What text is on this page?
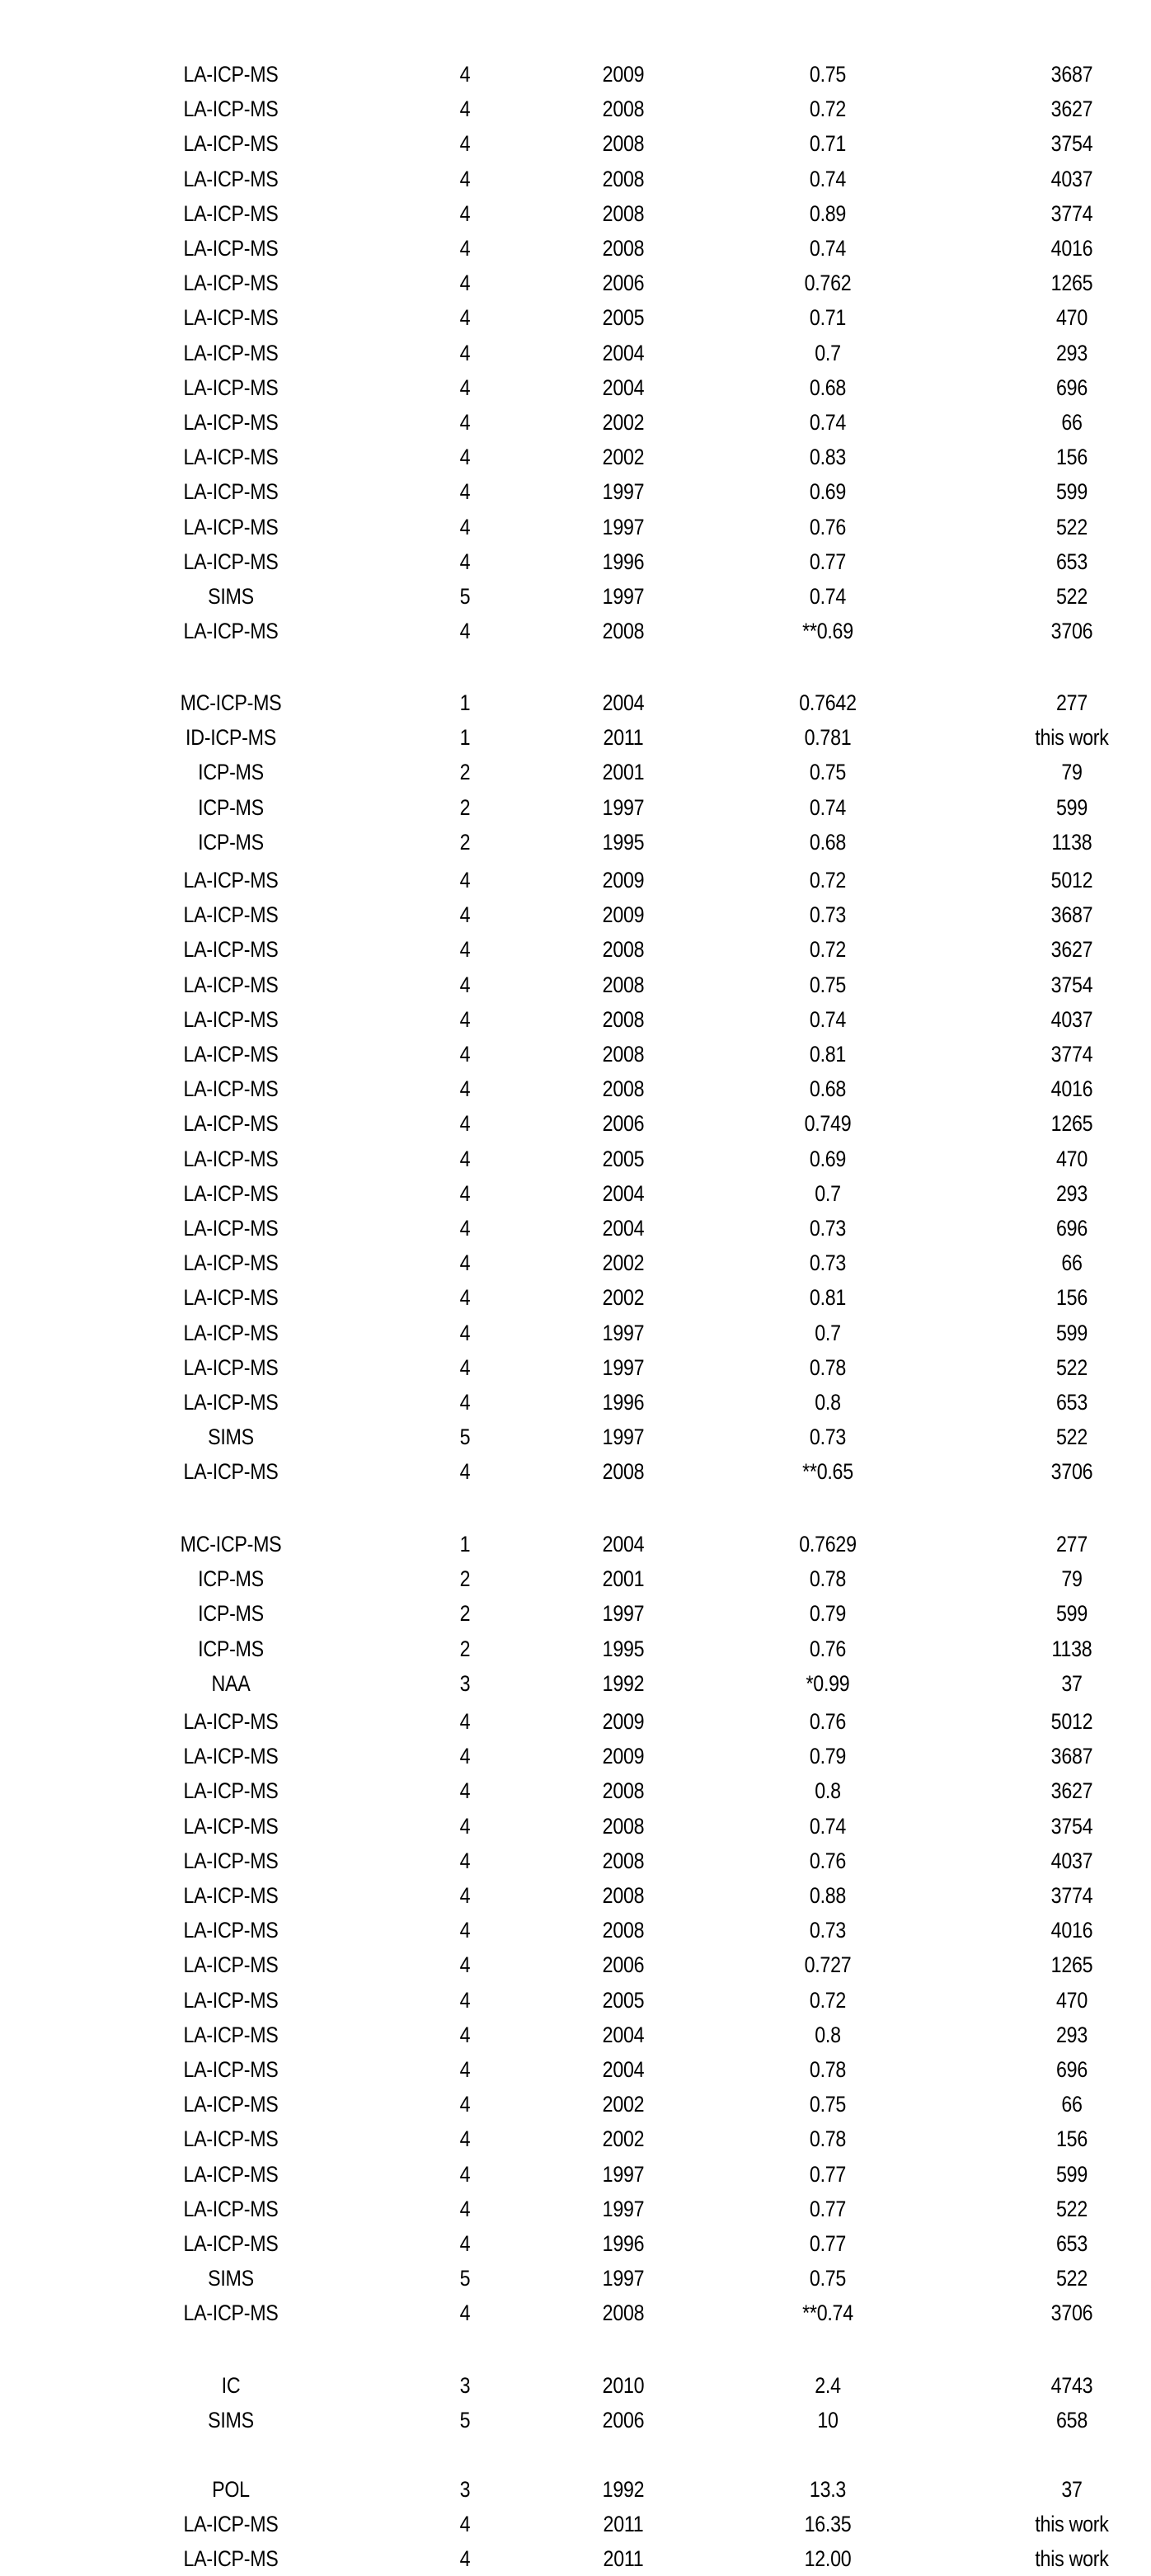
LA-ICP-MS	4	2009	0.75	3687
LA-ICP-MS	4	2008	0.72	3627
LA-ICP-MS	4	2008	0.71	3754
LA-ICP-MS	4	2008	0.74	4037
LA-ICP-MS	4	2008	0.89	3774
LA-ICP-MS	4	2008	0.74	4016
LA-ICP-MS	4	2006	0.762	1265
LA-ICP-MS	4	2005	0.71	470
LA-ICP-MS	4	2004	0.7	293
LA-ICP-MS	4	2004	0.68	696
LA-ICP-MS	4	2002	0.74	66
LA-ICP-MS	4	2002	0.83	156
LA-ICP-MS	4	1997	0.69	599
LA-ICP-MS	4	1997	0.76	522
LA-ICP-MS	4	1996	0.77	653
SIMS	5	1997	0.74	522
LA-ICP-MS	4	2008	**0.69	3706
MC-ICP-MS	1	2004	0.7642	277
ID-ICP-MS	1	2011	0.781	this work
ICP-MS	2	2001	0.75	79
ICP-MS	2	1997	0.74	599
ICP-MS	2	1995	0.68	1138
LA-ICP-MS	4	2009	0.72	5012
LA-ICP-MS	4	2009	0.73	3687
LA-ICP-MS	4	2008	0.72	3627
LA-ICP-MS	4	2008	0.75	3754
LA-ICP-MS	4	2008	0.74	4037
LA-ICP-MS	4	2008	0.81	3774
LA-ICP-MS	4	2008	0.68	4016
LA-ICP-MS	4	2006	0.749	1265
LA-ICP-MS	4	2005	0.69	470
LA-ICP-MS	4	2004	0.7	293
LA-ICP-MS	4	2004	0.73	696
LA-ICP-MS	4	2002	0.73	66
LA-ICP-MS	4	2002	0.81	156
LA-ICP-MS	4	1997	0.7	599
LA-ICP-MS	4	1997	0.78	522
LA-ICP-MS	4	1996	0.8	653
SIMS	5	1997	0.73	522
LA-ICP-MS	4	2008	**0.65	3706
MC-ICP-MS	1	2004	0.7629	277
ICP-MS	2	2001	0.78	79
ICP-MS	2	1997	0.79	599
ICP-MS	2	1995	0.76	1138
NAA	3	1992	*0.99	37
LA-ICP-MS	4	2009	0.76	5012
LA-ICP-MS	4	2009	0.79	3687
LA-ICP-MS	4	2008	0.8	3627
LA-ICP-MS	4	2008	0.74	3754
LA-ICP-MS	4	2008	0.76	4037
LA-ICP-MS	4	2008	0.88	3774
LA-ICP-MS	4	2008	0.73	4016
LA-ICP-MS	4	2006	0.727	1265
LA-ICP-MS	4	2005	0.72	470
LA-ICP-MS	4	2004	0.8	293
LA-ICP-MS	4	2004	0.78	696
LA-ICP-MS	4	2002	0.75	66
LA-ICP-MS	4	2002	0.78	156
LA-ICP-MS	4	1997	0.77	599
LA-ICP-MS	4	1997	0.77	522
LA-ICP-MS	4	1996	0.77	653
SIMS	5	1997	0.75	522
LA-ICP-MS	4	2008	**0.74	3706
IC	3	2010	2.4	4743
SIMS	5	2006	10	658
POL	3	1992	13.3	37
LA-ICP-MS	4	2011	16.35	this work
LA-ICP-MS	4	2011	12.00	this work
